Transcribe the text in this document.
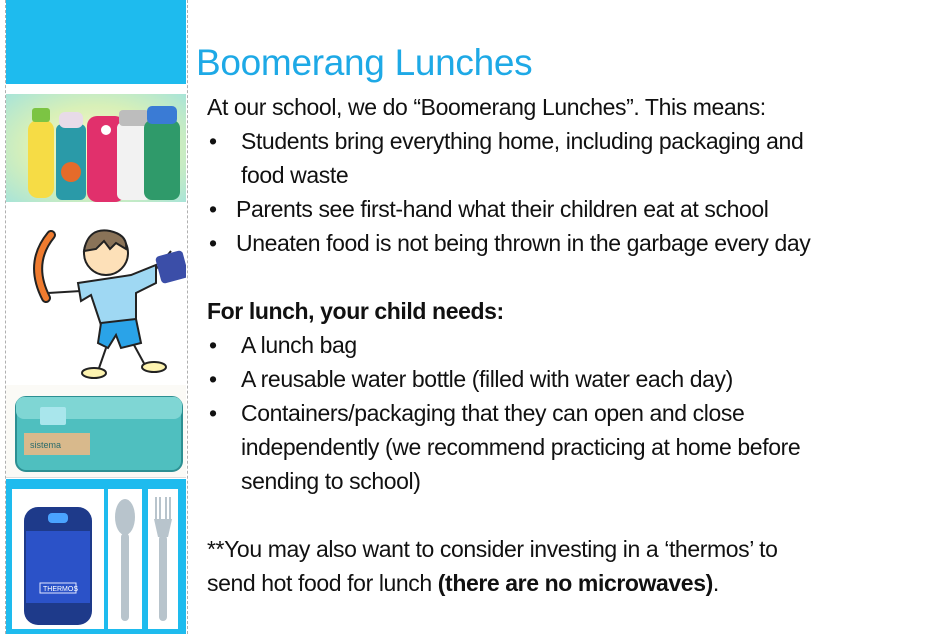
sistema
THERMOS
Boomerang Lunches
At our school, we do “Boomerang Lunches”. This means:
•	Students bring everything home, including packaging and
food waste
• Parents see first-hand what their children eat at school
• Uneaten food is not being thrown in the garbage every day
For lunch, your child needs:
•	A lunch bag
•	A reusable water bottle (filled with water each day)
•	Containers/packaging that they can open and close
independently (we recommend practicing at home before
sending to school)
**You may also want to consider investing in a ‘thermos’ to
send hot food for lunch (there are no microwaves).
